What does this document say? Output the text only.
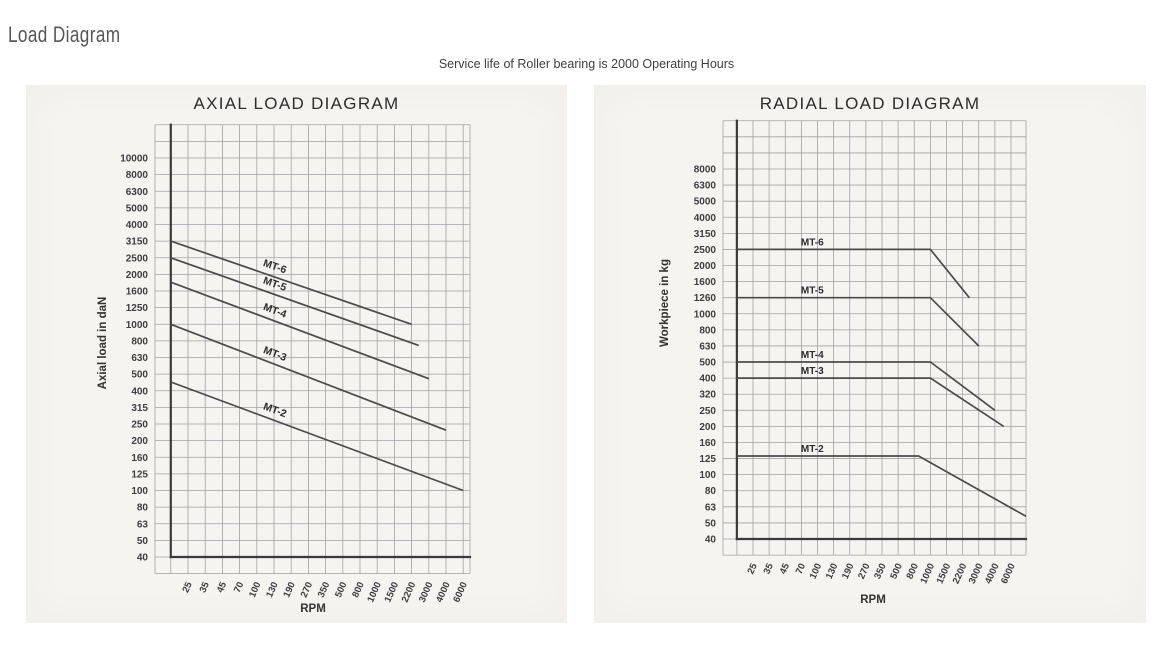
Load Diagram
Service life of Roller bearing is 2000 Operating Hours
AXIAL LOAD DIAGRAM
Axial load in daN
10000
8000
6300
5000
4000
3150
2500
2000
1600
1250
1000
800
630
500
400
315
250
200
160
125
100
80
63
50
40
25 35 45 70 100 130 190 270 350 500 800
1000
1500
2200
3000
4000
6000
MT-6
MT-5
MT-4
MT-3
MT-2
RPM
RADIAL LOAD DIAGRAM
Workpiece in kg
8000
6300
5000
4000
3150
2500
2000
1600
1260
1000
800
630
500
400
320
250
200
160
125
100
80
63
50
40
25 35 45 70 100 130 190 270 350 500 800
1000
1500
2200
3000
4000
6000
MT-6
MT-5
MT-4
MT-3
MT-2
RPM
